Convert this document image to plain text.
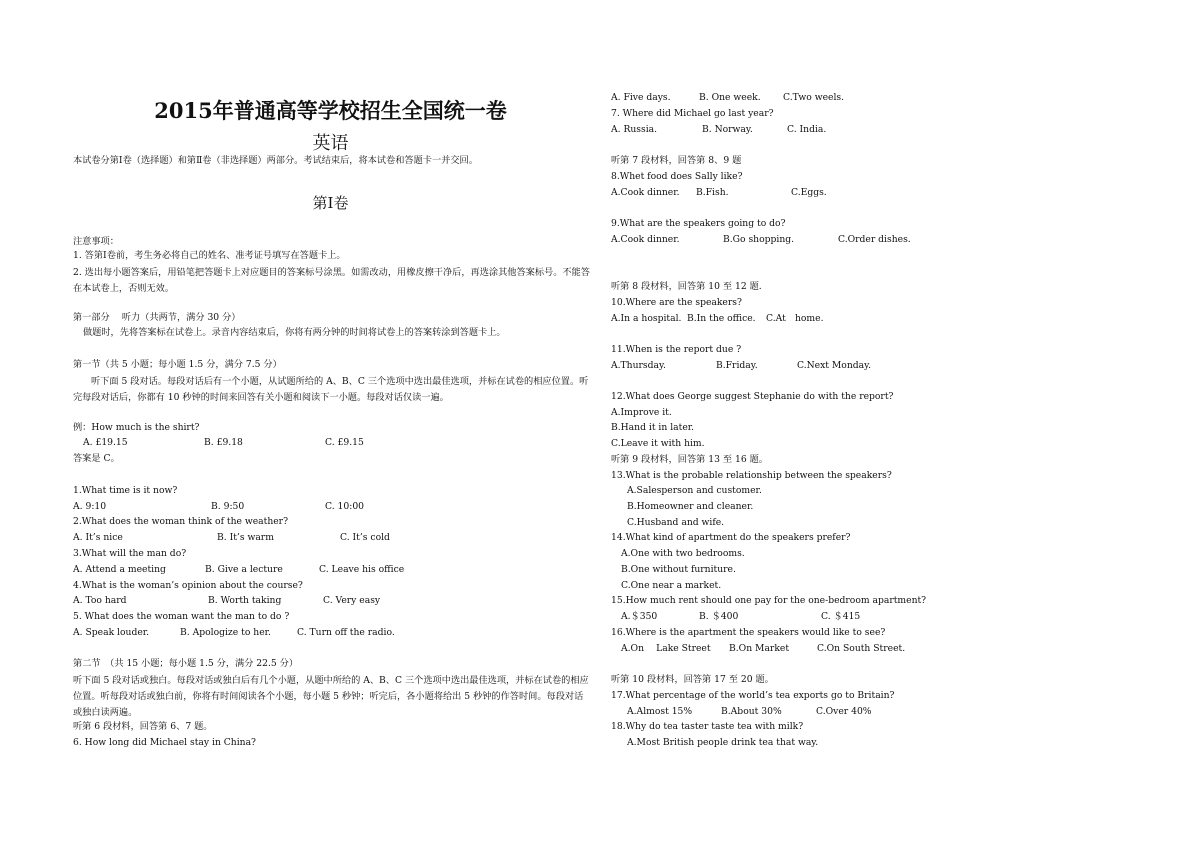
2015年普通高等学校招生全国统一卷
英语
本试卷分第Ⅰ卷（选择题）和第Ⅱ卷（非选择题）两部分。考试结束后，将本试卷和答题卡一并交回。
第Ⅰ卷
注意事项：
1. 答第Ⅰ卷前，考生务必将自己的姓名、准考证号填写在答题卡上。
2. 选出每小题答案后，用铅笔把答题卡上对应题目的答案标号涂黑。如需改动，用橡皮擦干净后，再选涂其他答案标号。不能答在本试卷上，否则无效。
第一部分　 听力（共两节，满分 30 分）
做题时，先将答案标在试卷上。录音内容结束后，你将有两分钟的时间将试卷上的答案转涂到答题卡上。
第一节（共 5 小题；每小题 1.5 分，满分 7.5 分）
听下面 5 段对话。每段对话后有一个小题，从试题所给的 A、B、C 三个选项中选出最佳选项，并标在试卷的相应位置。听完每段对话后，你都有 10 秒钟的时间来回答有关小题和阅读下一小题。每段对话仅读一遍。
例：How much is the shirt?
A. £19.15	B. £9.18	C. £9.15
答案是 C。
1.What time is it now?
A. 9:10	B. 9:50	C. 10:00
2.What does the woman think of the weather?
A. It’s nice	B. It’s warm	C. It’s cold
3.What will the man do?
A. Attend a meeting	B. Give a lecture	C. Leave his office
4.What is the woman’s opinion about the course?
A. Too hard	B. Worth taking	C. Very easy
5. What does the woman want the man to do ?
A. Speak louder.	B. Apologize to her.	C. Turn off the radio.
第二节　（共 15 小题；每小题 1.5 分，满分 22.5 分）
听下面 5 段对话或独白。每段对话或独白后有几个小题，从题中所给的 A、B、C 三个选项中选出最佳选项，并标在试卷的相应位置。听每段对话或独白前，你将有时间阅读各个小题，每小题 5 秒钟；听完后，各小题将给出 5 秒钟的作答时间。每段对话或独白读两遍。
听第 6 段材料，回答第 6、7 题。
6. How long did Michael stay in China?
A. Five days.	B. One week. C.Two weels.
7. Where did Michael go last year?
A. Russia.	B. Norway.	C. India.
听第 7 段材料，回答第 8、9 题
8.Whet food does Sally like?
A.Cook dinner. B.Fish.	C.Eggs.
9.What are the speakers going to do?
A.Cook dinner.	B.Go shopping.	C.Order dishes.
听第 8 段材料，回答第 10 至 12 题.
10.Where are the speakers?
A.In a hospital. B.In the office. C.At　home.
11.When is the report due ?
A.Thursday.	B.Friday.	C.Next Monday.
12.What does George suggest Stephanie do with the report?
A.Improve it.
B.Hand it in later.
C.Leave it with him.
听第 9 段材料，回答第 13 至 16 题。
13.What is the probable relationship between the speakers?
A.Salesperson and customer.
B.Homeowner and cleaner.
C.Husband and wife.
14.What kind of apartment do the speakers prefer?
A.One with two bedrooms.
B.One without furniture.
C.One near a market.
15.How much rent should one pay for the one-bedroom apartment?
A.＄350	B. ＄400	C. ＄415
16.Where is the apartment the speakers would like to see?
A.On　 Lake Street B.On Market	C.On South Street.
听第 10 段材料，回答第 17 至 20 题。
17.What percentage of the world’s tea exports go to Britain?
A.Almost 15%	B.About 30%	C.Over 40%
18.Why do tea taster taste tea with milk?
A.Most British people drink tea that way.
